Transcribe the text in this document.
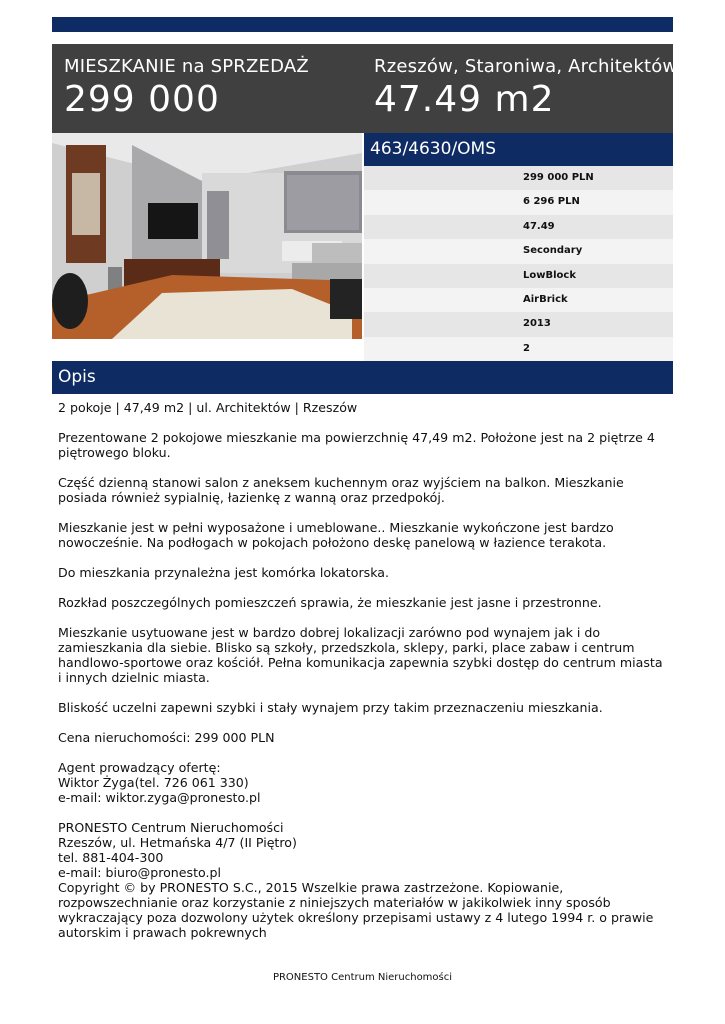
MIESZKANIE na SPRZEDAŻ
299 000
Rzeszów, Staroniwa, Architektów
47.49 m2
463/4630/OMS
299 000 PLN
6 296 PLN
47.49
Secondary
LowBlock
AirBrick
2013
2
Opis

2 pokoje | 47,49 m2 | ul. Architektów | Rzeszów

Prezentowane 2 pokojowe mieszkanie ma powierzchnię 47,49 m2. Położone jest na 2 piętrze 4 piętrowego bloku.

Część dzienną stanowi salon z aneksem kuchennym oraz wyjściem na balkon. Mieszkanie posiada również sypialnię, łazienkę z wanną oraz przedpokój.

Mieszkanie jest w pełni wyposażone i umeblowane.. Mieszkanie wykończone jest bardzo nowocześnie. Na podłogach w pokojach położono deskę panelową w łazience terakota.

Do mieszkania przynależna jest komórka lokatorska.

Rozkład poszczególnych pomieszczeń sprawia, że mieszkanie jest jasne i przestronne.

Mieszkanie usytuowane jest w bardzo dobrej lokalizacji zarówno pod wynajem jak i do zamieszkania dla siebie. Blisko są szkoły, przedszkola, sklepy, parki, place zabaw i centrum handlowo-sportowe oraz kościół. Pełna komunikacja zapewnia szybki dostęp do centrum miasta i innych dzielnic miasta.

Bliskość uczelni zapewni szybki i stały wynajem przy takim przeznaczeniu mieszkania.

Cena nieruchomości: 299 000 PLN

Agent prowadzący ofertę:
Wiktor Żyga(tel. 726 061 330)
e-mail: wiktor.zyga@pronesto.pl

PRONESTO Centrum Nieruchomości
Rzeszów, ul. Hetmańska 4/7 (II Piętro)
tel. 881-404-300
e-mail: biuro@pronesto.pl

Copyright © by PRONESTO S.C., 2015 Wszelkie prawa zastrzeżone. Kopiowanie, rozpowszechnianie oraz korzystanie z niniejszych materiałów w jakikolwiek inny sposób wykraczający poza dozwolony użytek określony przepisami ustawy z 4 lutego 1994 r. o prawie autorskim i prawach pokrewnych

PRONESTO Centrum Nieruchomości
